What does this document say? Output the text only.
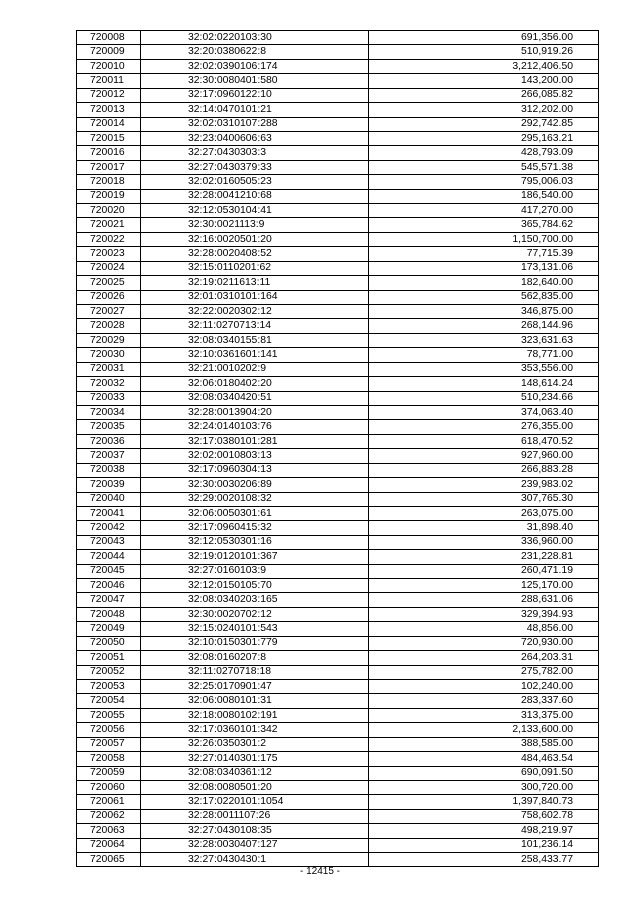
720008	32:02:0220103:30	691,356.00
720009	32:20:0380622:8	510,919.26
720010	32:02:0390106:174	3,212,406.50
720011	32:30:0080401:580	143,200.00
720012	32:17:0960122:10	266,085.82
720013	32:14:0470101:21	312,202.00
720014	32:02:0310107:288	292,742.85
720015	32:23:0400606:63	295,163.21
720016	32:27:0430303:3	428,793.09
720017	32:27:0430379:33	545,571.38
720018	32:02:0160505:23	795,006.03
720019	32:28:0041210:68	186,540.00
720020	32:12:0530104:41	417,270.00
720021	32:30:0021113:9	365,784.62
720022	32:16:0020501:20	1,150,700.00
720023	32:28:0020408:52	77,715.39
720024	32:15:0110201:62	173,131.06
720025	32:19:0211613:11	182,640.00
720026	32:01:0310101:164	562,835.00
720027	32:22:0020302:12	346,875.00
720028	32:11:0270713:14	268,144.96
720029	32:08:0340155:81	323,631.63
720030	32:10:0361601:141	78,771.00
720031	32:21:0010202:9	353,556.00
720032	32:06:0180402:20	148,614.24
720033	32:08:0340420:51	510,234.66
720034	32:28:0013904:20	374,063.40
720035	32:24:0140103:76	276,355.00
720036	32:17:0380101:281	618,470.52
720037	32:02:0010803:13	927,960.00
720038	32:17:0960304:13	266,883.28
720039	32:30:0030206:89	239,983.02
720040	32:29:0020108:32	307,765.30
720041	32:06:0050301:61	263,075.00
720042	32:17:0960415:32	31,898.40
720043	32:12:0530301:16	336,960.00
720044	32:19:0120101:367	231,228.81
720045	32:27:0160103:9	260,471.19
720046	32:12:0150105:70	125,170.00
720047	32:08:0340203:165	288,631.06
720048	32:30:0020702:12	329,394.93
720049	32:15:0240101:543	48,856.00
720050	32:10:0150301:779	720,930.00
720051	32:08:0160207:8	264,203.31
720052	32:11:0270718:18	275,782.00
720053	32:25:0170901:47	102,240.00
720054	32:06:0080101:31	283,337.60
720055	32:18:0080102:191	313,375.00
720056	32:17:0360101:342	2,133,600.00
720057	32:26:0350301:2	388,585.00
720058	32:27:0140301:175	484,463.54
720059	32:08:0340361:12	690,091.50
720060	32:08:0080501:20	300,720.00
720061	32:17:0220101:1054	1,397,840.73
720062	32:28:0011107:26	758,602.78
720063	32:27:0430108:35	498,219.97
720064	32:28:0030407:127	101,236.14
720065	32:27:0430430:1	258,433.77
- 12415 -
